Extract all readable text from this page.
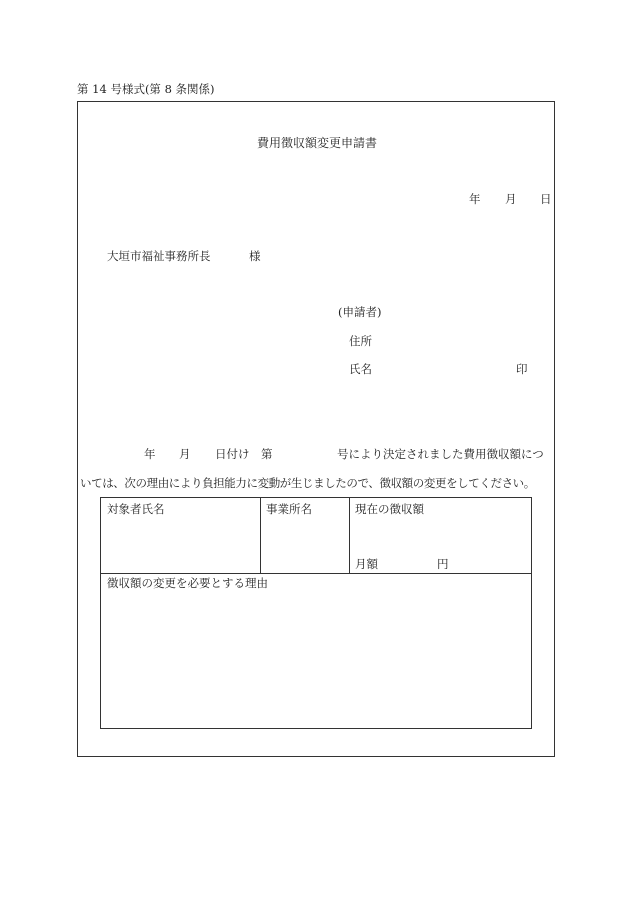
第 14 号様式(第 8 条関係)
費用徴収額変更申請書
年 月 日
大垣市福祉事務所長	様
(申請者)
住所
氏名	印
年 月 日付け 第	号により決定されました費用徴収額につ
いては、次の理由により負担能力に変動が生じましたので、徴収額の変更をしてください。
対象者氏名	事業所名	現在の徴収額
月額	円
徴収額の変更を必要とする理由
